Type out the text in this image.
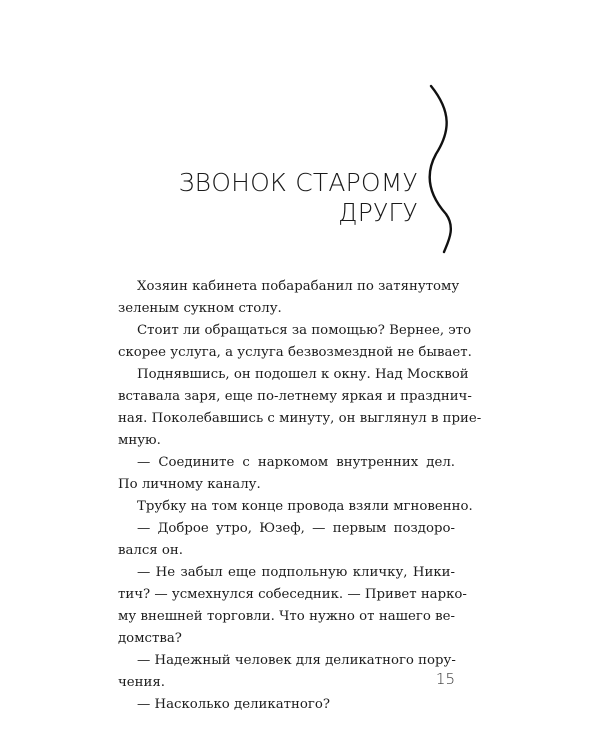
ЗВОНОК СТАРОМУ
ДРУГУ
Хозяин кабинета побарабанил по затянутому
зеленым сукном столу.
Стоит ли обращаться за помощью? Вернее, это
скорее услуга, а услуга безвозмездной не бывает.
Поднявшись, он подошел к окну. Над Москвой
вставала заря, еще по-летнему яркая и празднич-
ная. Поколебавшись с минуту, он выглянул в прие-
мную.
— Соедините с наркомом внутренних дел.
По личному каналу.
Трубку на том конце провода взяли мгновенно.
— Доброе утро, Юзеф, — первым поздоро-
вался он.
— Не забыл еще подпольную кличку, Ники-
тич? — усмехнулся собеседник. — Привет нарко-
му внешней торговли. Что нужно от нашего ве-
домства?
— Надежный человек для деликатного пору-
чения.
— Насколько деликатного?
15
